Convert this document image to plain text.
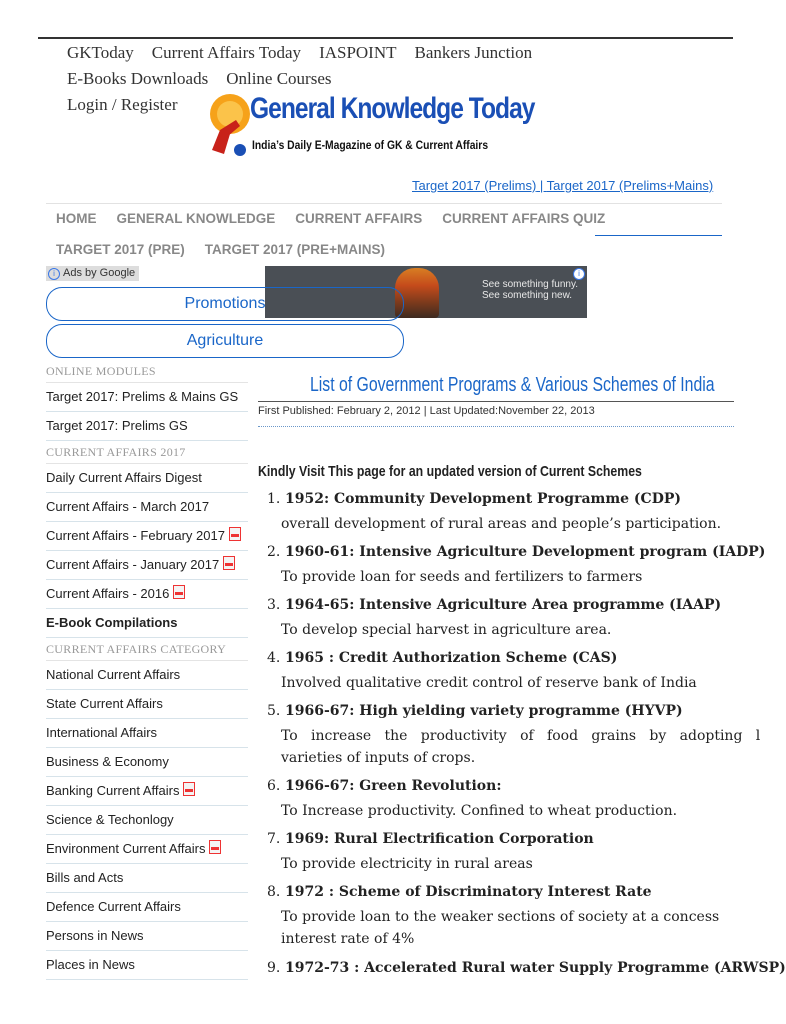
GKToday Current Affairs Today IASPOINT Bankers Junction
E-Books Downloads Online Courses
Login / Register	General Knowledge Today
India’s Daily E-Magazine of GK & Current Affairs
Target 2017 (Prelims) | Target 2017 (Prelims+Mains)
HOME GENERAL KNOWLEDGE CURRENT AFFAIRS CURRENT AFFAIRS QUIZ
TARGET 2017 (PRE) TARGET 2017 (PRE+MAINS)
i Ads by Google
See something funny.
See something new.
i
Promotions
Agriculture
ONLINE MODULES
Target 2017: Prelims & Mains GS
Target 2017: Prelims GS
CURRENT AFFAIRS 2017
Daily Current Affairs Digest
Current Affairs - March 2017
Current Affairs - February 2017
Current Affairs - January 2017
Current Affairs - 2016
E-Book Compilations
CURRENT AFFAIRS CATEGORY
National Current Affairs
State Current Affairs
International Affairs
Business & Economy
Banking Current Affairs
Science & Techonlogy
Environment Current Affairs
Bills and Acts
Defence Current Affairs
Persons in News
Places in News
List of Government Programs & Various Schemes of India
First Published: February 2, 2012 | Last Updated:November 22, 2013
Kindly Visit This page for an updated version of Current Schemes
1. 1952: Community Development Programme (CDP)
overall development of rural areas and people’s participation.
2. 1960-61: Intensive Agriculture Development program (IADP)
To provide loan for seeds and fertilizers to farmers
3. 1964-65: Intensive Agriculture Area programme (IAAP)
To develop special harvest in agriculture area.
4. 1965 : Credit Authorization Scheme (CAS)
Involved qualitative credit control of reserve bank of India
5. 1966-67: High yielding variety programme (HYVP)
To   increase   the   productivity   of   food   grains   by   adopting   l
varieties of inputs of crops.
6. 1966-67: Green Revolution:
To Increase productivity. Confined to wheat production.
7. 1969: Rural Electrification Corporation
To provide electricity in rural areas
8. 1972 : Scheme of Discriminatory Interest Rate
To provide loan to the weaker sections of society at a concess
interest rate of 4%
9. 1972-73 : Accelerated Rural water Supply Programme (ARWSP)
